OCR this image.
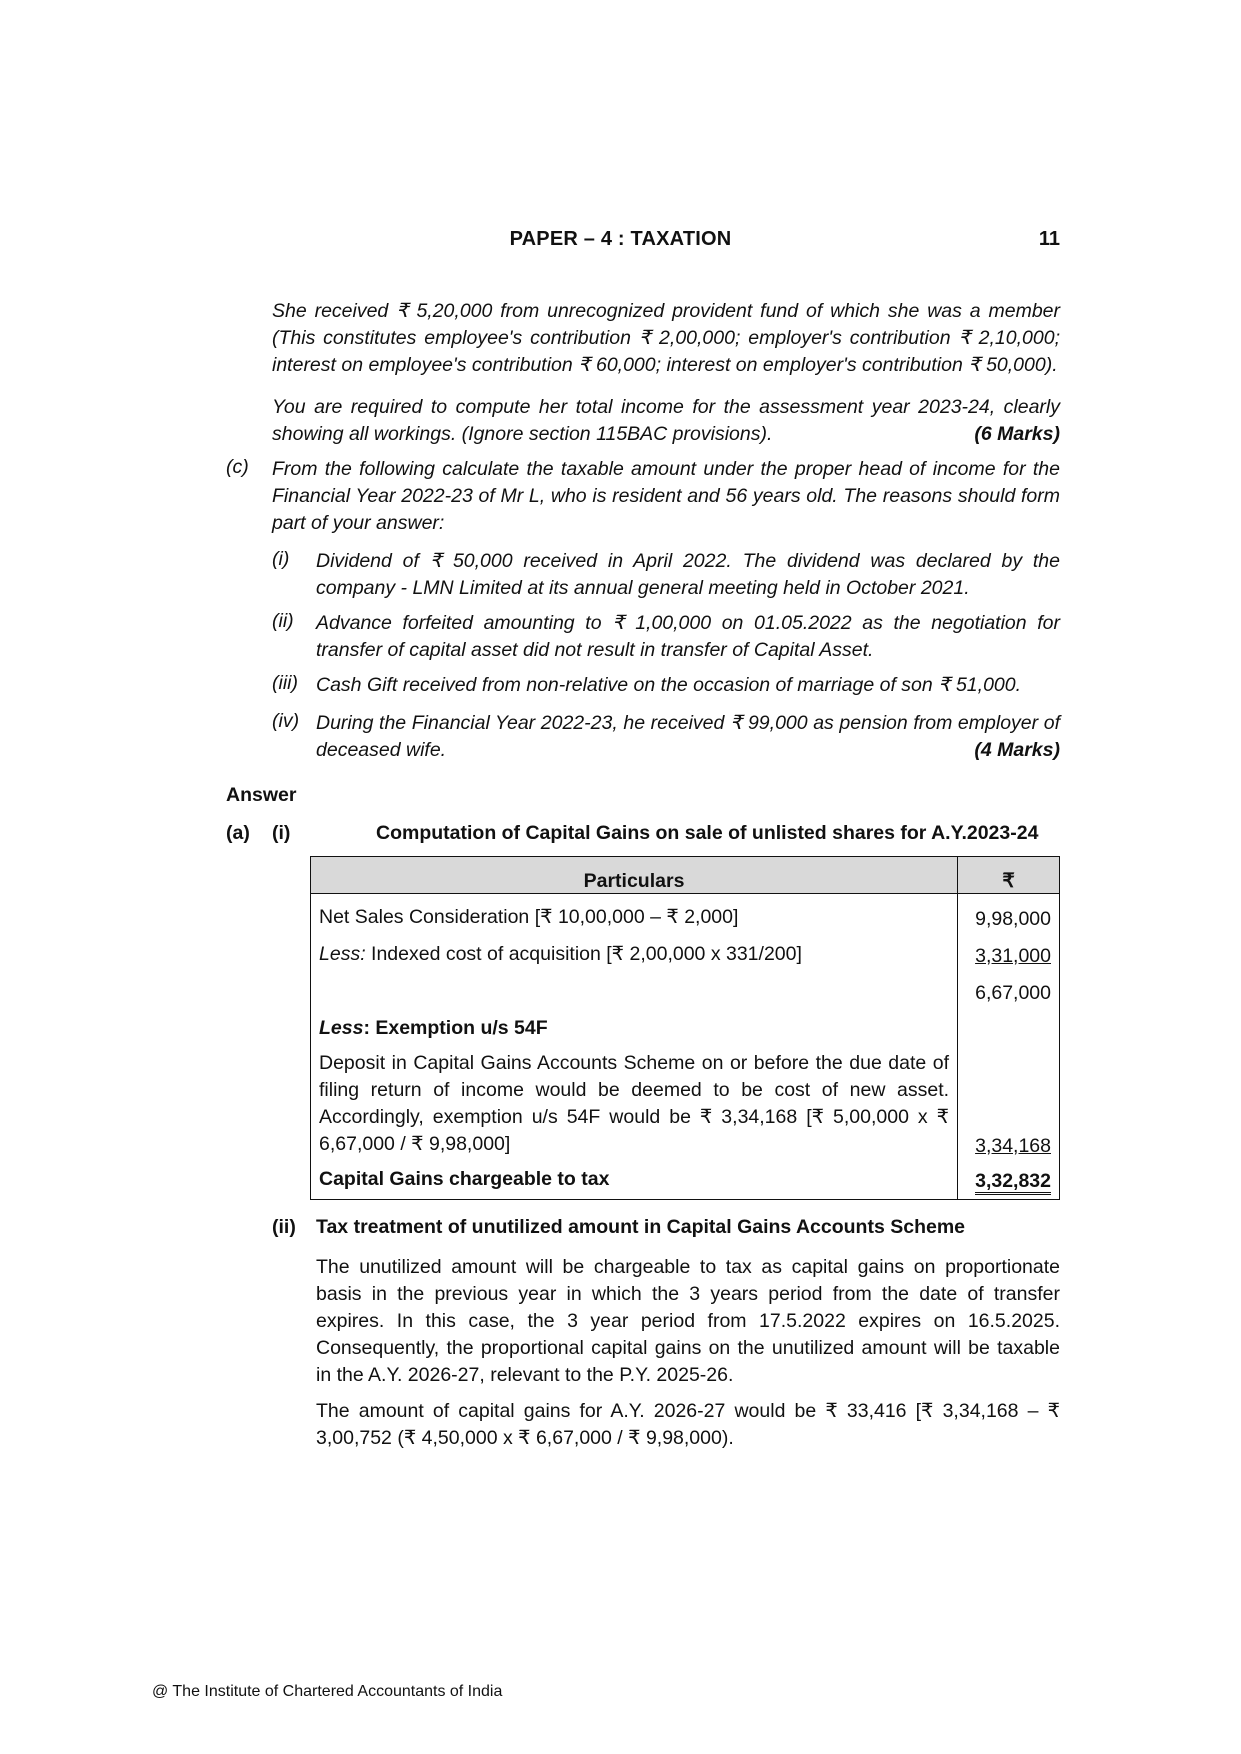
PAPER – 4 : TAXATION	11
She received ₹ 5,20,000 from unrecognized provident fund of which she was a member (This constitutes employee's contribution ₹ 2,00,000; employer's contribution ₹ 2,10,000; interest on employee's contribution ₹ 60,000; interest on employer's contribution ₹ 50,000).
You are required to compute her total income for the assessment year 2023-24, clearly showing all workings. (Ignore section 115BAC provisions).	(6 Marks)
(c) From the following calculate the taxable amount under the proper head of income for the Financial Year 2022-23 of Mr L, who is resident and 56 years old. The reasons should form part of your answer:
(i) Dividend of ₹ 50,000 received in April 2022. The dividend was declared by the company - LMN Limited at its annual general meeting held in October 2021.
(ii) Advance forfeited amounting to ₹ 1,00,000 on 01.05.2022 as the negotiation for transfer of capital asset did not result in transfer of Capital Asset.
(iii) Cash Gift received from non-relative on the occasion of marriage of son ₹ 51,000.
(iv) During the Financial Year 2022-23, he received ₹ 99,000 as pension from employer of deceased wife.	(4 Marks)
Answer
(a) (i)	Computation of Capital Gains on sale of unlisted shares for A.Y.2023-24
Particulars	₹
Net Sales Consideration [₹ 10,00,000 – ₹ 2,000]	9,98,000
Less: Indexed cost of acquisition [₹ 2,00,000 x 331/200]	3,31,000
	6,67,000
Less: Exemption u/s 54F	
Deposit in Capital Gains Accounts Scheme on or before the due date of filing return of income would be deemed to be cost of new asset. Accordingly, exemption u/s 54F would be ₹ 3,34,168 [₹ 5,00,000 x ₹ 6,67,000 / ₹ 9,98,000]	3,34,168
Capital Gains chargeable to tax	3,32,832
(ii) Tax treatment of unutilized amount in Capital Gains Accounts Scheme
The unutilized amount will be chargeable to tax as capital gains on proportionate basis in the previous year in which the 3 years period from the date of transfer expires. In this case, the 3 year period from 17.5.2022 expires on 16.5.2025. Consequently, the proportional capital gains on the unutilized amount will be taxable in the A.Y. 2026-27, relevant to the P.Y. 2025-26.
The amount of capital gains for A.Y. 2026-27 would be ₹ 33,416 [₹ 3,34,168 – ₹ 3,00,752 (₹ 4,50,000 x ₹ 6,67,000 / ₹ 9,98,000).
@ The Institute of Chartered Accountants of India
